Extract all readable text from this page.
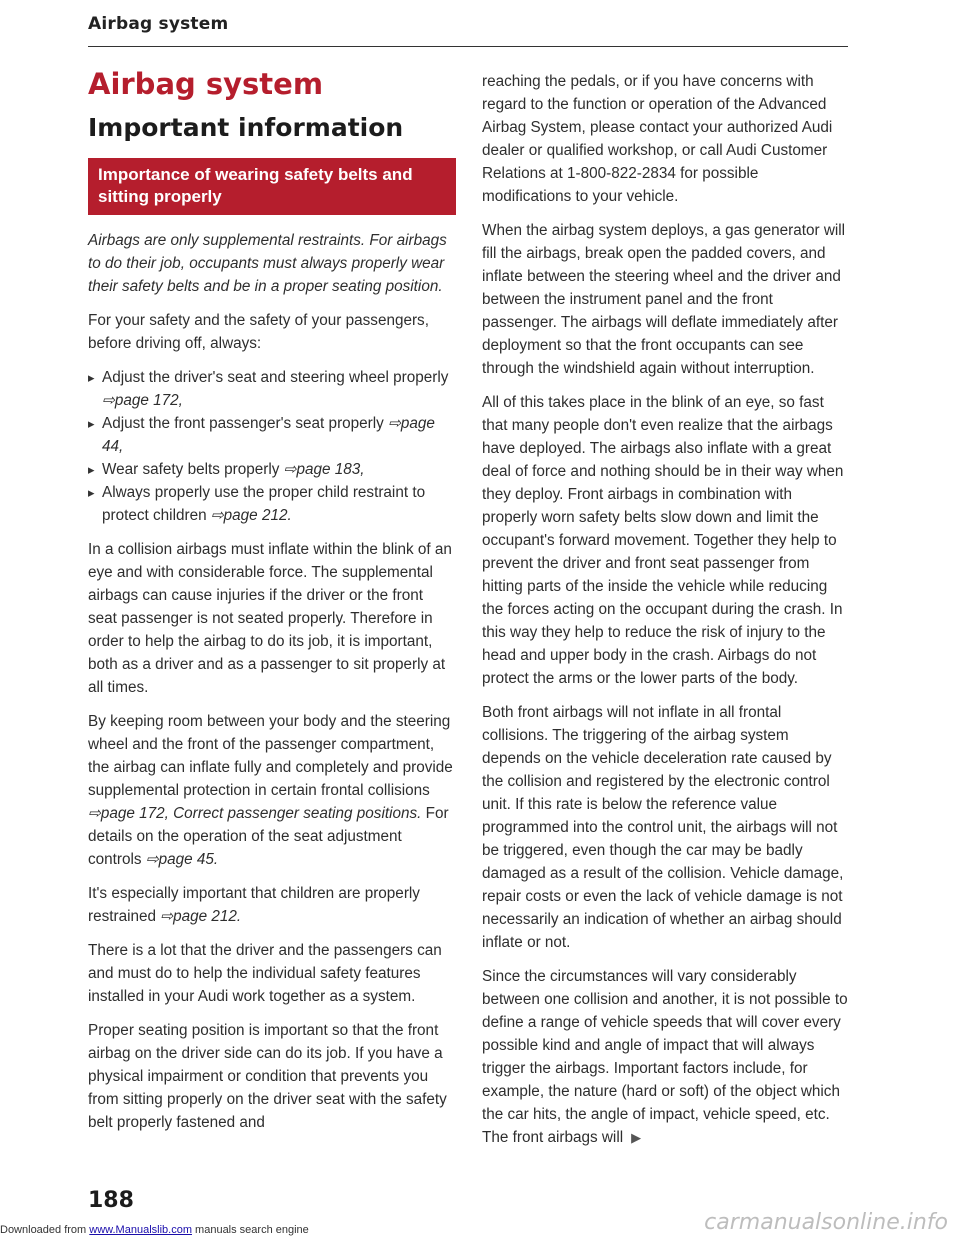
Airbag system
Airbag system
Important information
Importance of wearing safety belts and sitting properly

Airbags are only supplemental restraints. For airbags to do their job, occupants must always properly wear their safety belts and be in a proper seating position.

For your safety and the safety of your passengers, before driving off, always:

▸ Adjust the driver's seat and steering wheel properly ⇨page 172,
▸ Adjust the front passenger's seat properly ⇨page 44,
▸ Wear safety belts properly ⇨page 183,
▸ Always properly use the proper child restraint to protect children ⇨page 212.

In a collision airbags must inflate within the blink of an eye and with considerable force. The supplemental airbags can cause injuries if the driver or the front seat passenger is not seated properly. Therefore in order to help the airbag to do its job, it is important, both as a driver and as a passenger to sit properly at all times.

By keeping room between your body and the steering wheel and the front of the passenger compartment, the airbag can inflate fully and completely and provide supplemental protection in certain frontal collisions ⇨page 172, Correct passenger seating positions. For details on the operation of the seat adjustment controls ⇨page 45.

It's especially important that children are properly restrained ⇨page 212.

There is a lot that the driver and the passengers can and must do to help the individual safety features installed in your Audi work together as a system.

Proper seating position is important so that the front airbag on the driver side can do its job. If you have a physical impairment or condition that prevents you from sitting properly on the driver seat with the safety belt properly fastened and

reaching the pedals, or if you have concerns with regard to the function or operation of the Advanced Airbag System, please contact your authorized Audi dealer or qualified workshop, or call Audi Customer Relations at 1-800-822-2834 for possible modifications to your vehicle.

When the airbag system deploys, a gas generator will fill the airbags, break open the padded covers, and inflate between the steering wheel and the driver and between the instrument panel and the front passenger. The airbags will deflate immediately after deployment so that the front occupants can see through the windshield again without interruption.

All of this takes place in the blink of an eye, so fast that many people don't even realize that the airbags have deployed. The airbags also inflate with a great deal of force and nothing should be in their way when they deploy. Front airbags in combination with properly worn safety belts slow down and limit the occupant's forward movement. Together they help to prevent the driver and front seat passenger from hitting parts of the inside the vehicle while reducing the forces acting on the occupant during the crash. In this way they help to reduce the risk of injury to the head and upper body in the crash. Airbags do not protect the arms or the lower parts of the body.

Both front airbags will not inflate in all frontal collisions. The triggering of the airbag system depends on the vehicle deceleration rate caused by the collision and registered by the electronic control unit. If this rate is below the reference value programmed into the control unit, the airbags will not be triggered, even though the car may be badly damaged as a result of the collision. Vehicle damage, repair costs or even the lack of vehicle damage is not necessarily an indication of whether an airbag should inflate or not.

Since the circumstances will vary considerably between one collision and another, it is not possible to define a range of vehicle speeds that will cover every possible kind and angle of impact that will always trigger the airbags. Important factors include, for example, the nature (hard or soft) of the object which the car hits, the angle of impact, vehicle speed, etc. The front airbags will ▶

188
Downloaded from www.Manualslib.com manuals search engine	carmanualsonline.info
